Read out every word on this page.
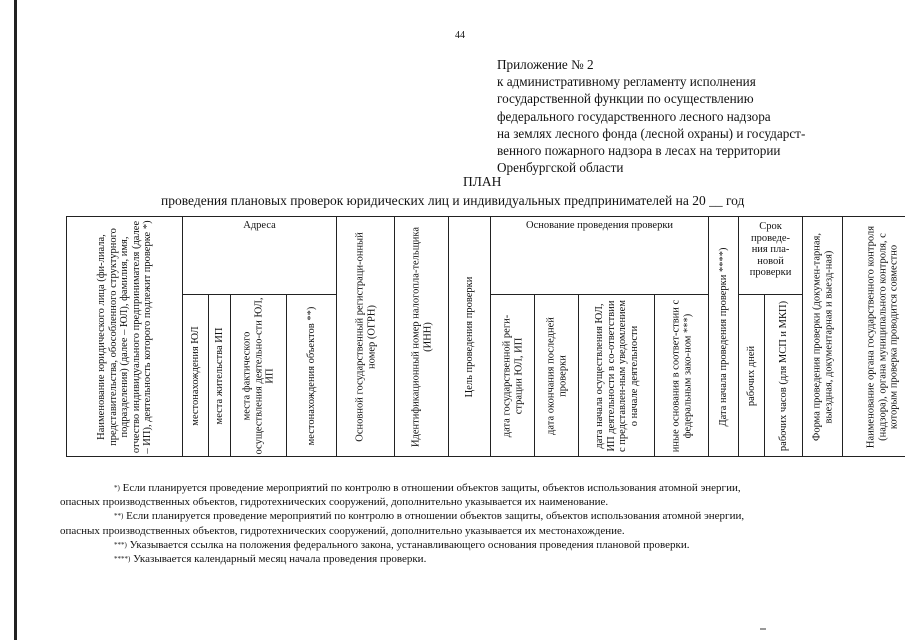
44
Приложение № 2
к административному регламенту исполнения
государственной функции по осуществлению
федерального государственного лесного надзора
на землях лесного фонда (лесной охраны) и государст-
венного пожарного надзора в лесах на территории
Оренбургской области
ПЛАН
проведения плановых проверок юридических лиц и индивидуальных предпринимателей на 20 __ год
Наименование юридического лица (фи-лиала, представительства, обособленного структурного подразделения) (далее – ЮЛ), фамилия, имя, отчество индивидуального предпринимателя (далее – ИП), деятельность которого подлежит проверке *)	Адреса				Основной государственный регистраци-онный номер (ОГРН)	Идентификационный номер налогопла-тельщика (ИНН)	Цель проведения проверки	Основание проведения проверки				Дата начала проведения проверки ****)	Срок проведе-ния пла-новой проверки		Форма проведения проверки (докумен-тарная, выездная, документарная и выезд-ная)	Наименование органа государственного контроля (надзора), органа муниципального контроля, с которым проверка проводится совместно

	местонахождения ЮЛ	места жительства ИП	места фактического осуществления деятельно-сти ЮЛ, ИП	местонахождения объектов **)				дата государственной реги-страции ЮЛ, ИП	дата окончания последней проверки	дата начала осуществления ЮЛ, ИП деятельности в со-ответствии с представлен-ным уведомлением о начале деятельности	иные основания в соответ-ствии с федеральным зако-ном ***)		рабочих дней	рабочих часов (для МСП и МКП)		
*) Если планируется проведение мероприятий по контролю в отношении объектов защиты, объектов использования атомной энергии,
опасных производственных объектов, гидротехнических сооружений, дополнительно указывается их наименование.
**) Если планируется проведение мероприятий по контролю в отношении объектов защиты, объектов использования атомной энергии,
опасных производственных объектов, гидротехнических сооружений, дополнительно указывается их местонахождение.
***) Указывается ссылка на положения федерального закона, устанавливающего основания проведения плановой проверки.
****) Указывается календарный месяц начала проведения проверки.
